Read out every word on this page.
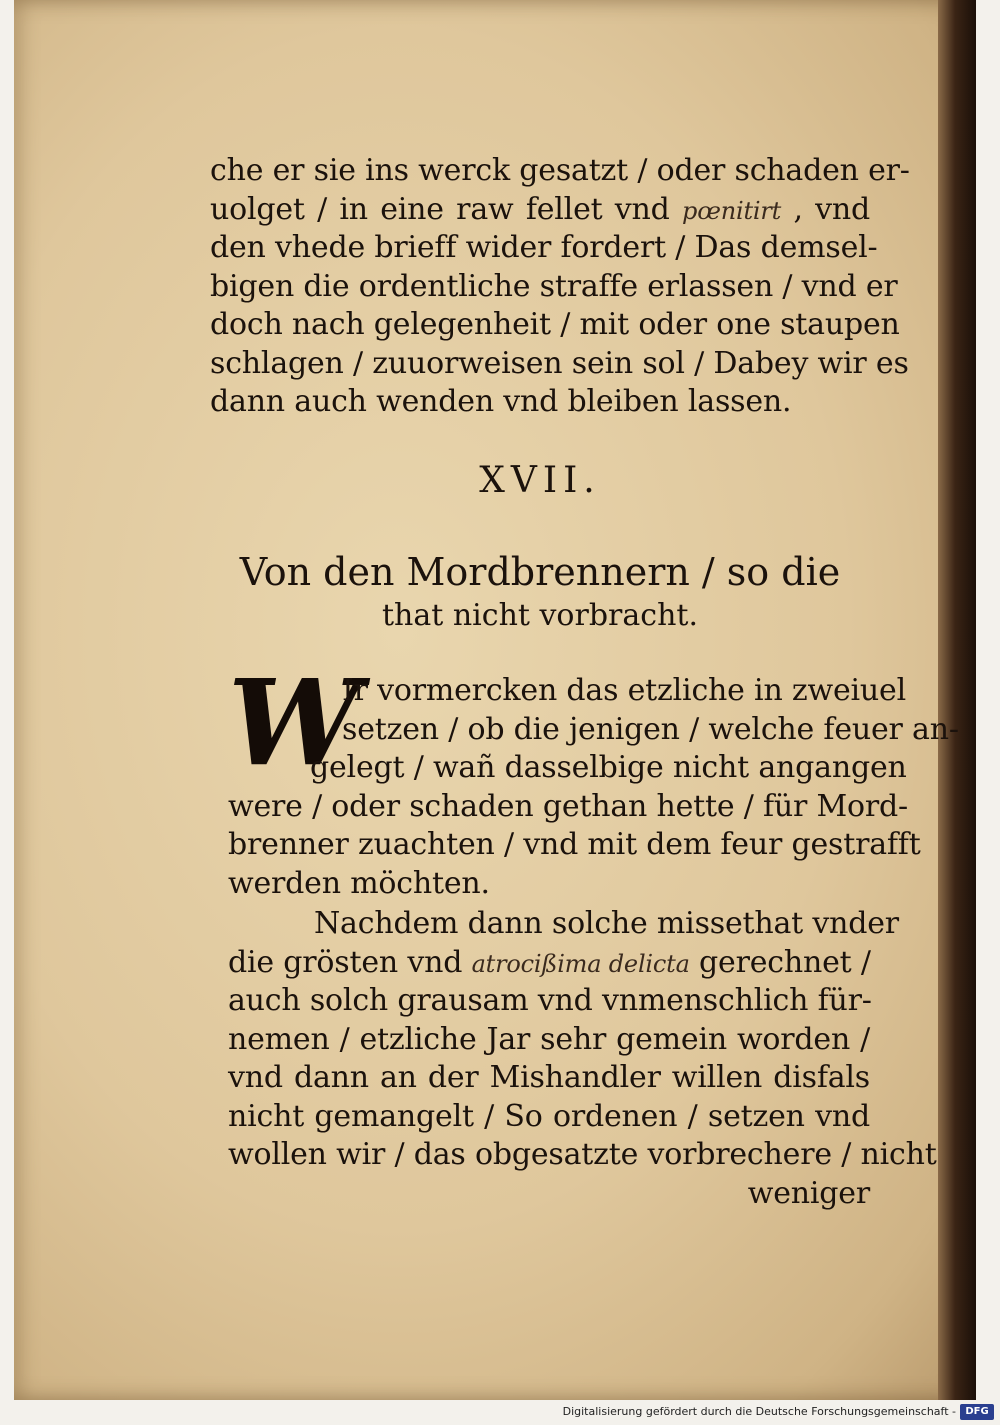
che er sie ins werck gesatzt / oder schaden er-
uolget / in eine raw fellet vnd pœnitirt , vnd
den vhede brieff wider fordert / Das demsel-
bigen die ordentliche straffe erlassen / vnd er
doch nach gelegenheit / mit oder one staupen
schlagen / zuuorweisen sein sol / Dabey wir es
dann auch wenden vnd bleiben lassen.
XVII.
Von den Mordbrennern / so die
that nicht vorbracht.
W
Ir vormercken das etzliche in zweiuel
setzen / ob die jenigen / welche feuer an-
gelegt / wañ dasselbige nicht angangen
were / oder schaden gethan hette / für Mord-
brenner zuachten / vnd mit dem feur gestrafft
werden möchten.
Nachdem dann solche missethat vnder
die grösten vnd atrocißima delicta gerechnet /
auch solch grausam vnd vnmenschlich für-
nemen / etzliche Jar sehr gemein worden /
vnd dann an der Mishandler willen disfals
nicht gemangelt / So ordenen / setzen vnd
wollen wir / das obgesatzte vorbrechere / nicht
weniger
Digitalisierung gefördert durch die Deutsche Forschungsgemeinschaft - DFG
